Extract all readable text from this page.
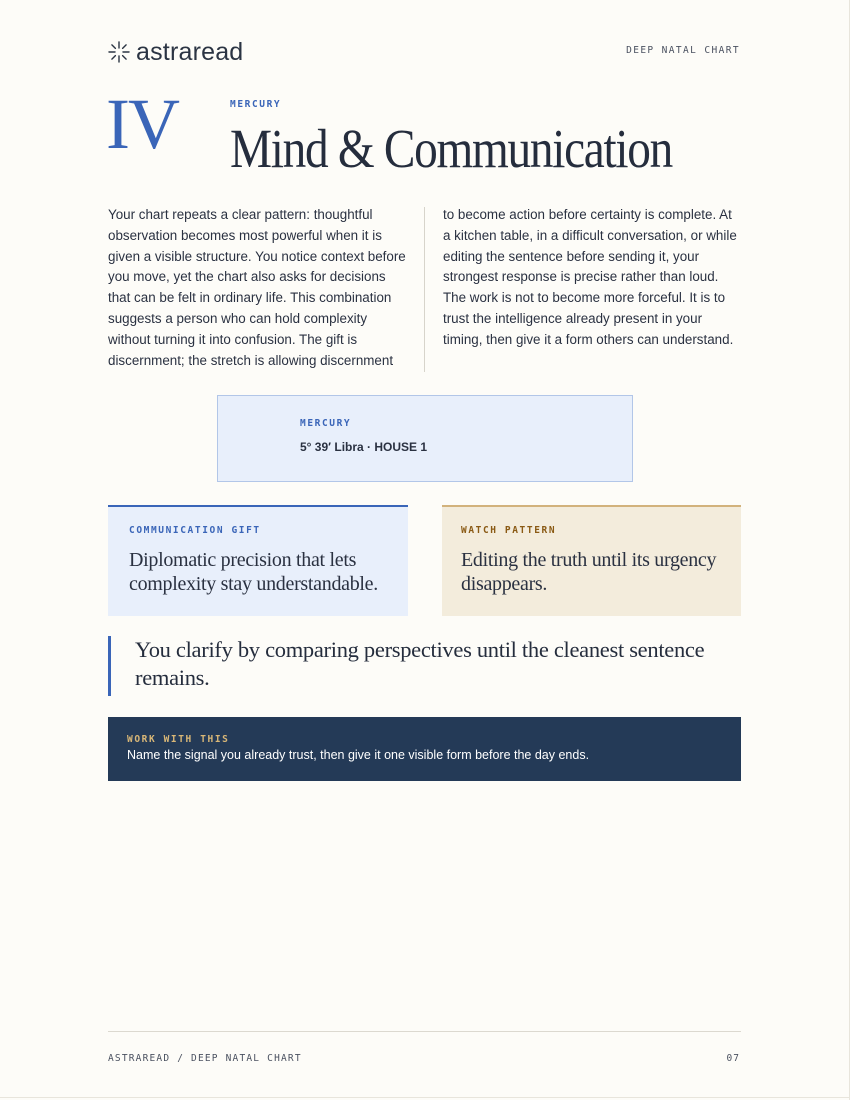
astraread	DEEP NATAL CHART
IV	MERCURY
Mind & Communication
Your chart repeats a clear pattern: thoughtful observation becomes most powerful when it is given a visible structure. You notice context before you move, yet the chart also asks for decisions that can be felt in ordinary life. This combination suggests a person who can hold complexity without turning it into confusion. The gift is discernment; the stretch is allowing discernment
to become action before certainty is complete. At a kitchen table, in a difficult conversation, or while editing the sentence before sending it, your strongest response is precise rather than loud. The work is not to become more forceful. It is to trust the intelligence already present in your timing, then give it a form others can understand.
MERCURY
5° 39′ Libra · HOUSE 1
COMMUNICATION GIFT
Diplomatic precision that lets complexity stay understandable.
WATCH PATTERN
Editing the truth until its urgency disappears.
You clarify by comparing perspectives until the cleanest sentence remains.
WORK WITH THIS
Name the signal you already trust, then give it one visible form before the day ends.
ASTRAREAD / DEEP NATAL CHART	07
